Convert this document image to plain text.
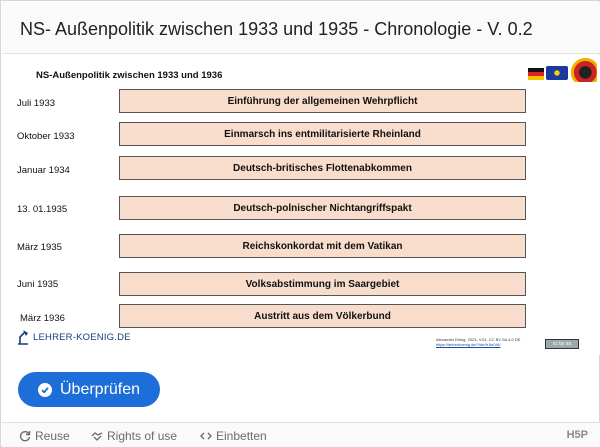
NS- Außenpolitik zwischen 1933 und 1935 - Chronologie - V. 0.2
NS-Außenpolitik zwischen 1933 und 1936
Juli 1933	Einführung der allgemeinen Wehrpflicht
Oktober 1933	Einmarsch ins entmilitarisierte Rheinland
Januar 1934	Deutsch-britisches Flottenabkommen
13. 01.1935	Deutsch-polnischer Nichtangriffspakt
März 1935	Reichskonkordat mit dem Vatikan
Juni 1935	Volksabstimmung im Saargebiet
März 1936	Austritt aus dem Völkerbund
LEHRER-KOENIG.DE	Alexander König, 2023, V.01, CC BY-SA 4.0 DE
https://lehrerkoenig.de/?/de/fr.5d/V6/	cc by sa
Überprüfen
Reuse	Rights of use	Einbetten	H5P
